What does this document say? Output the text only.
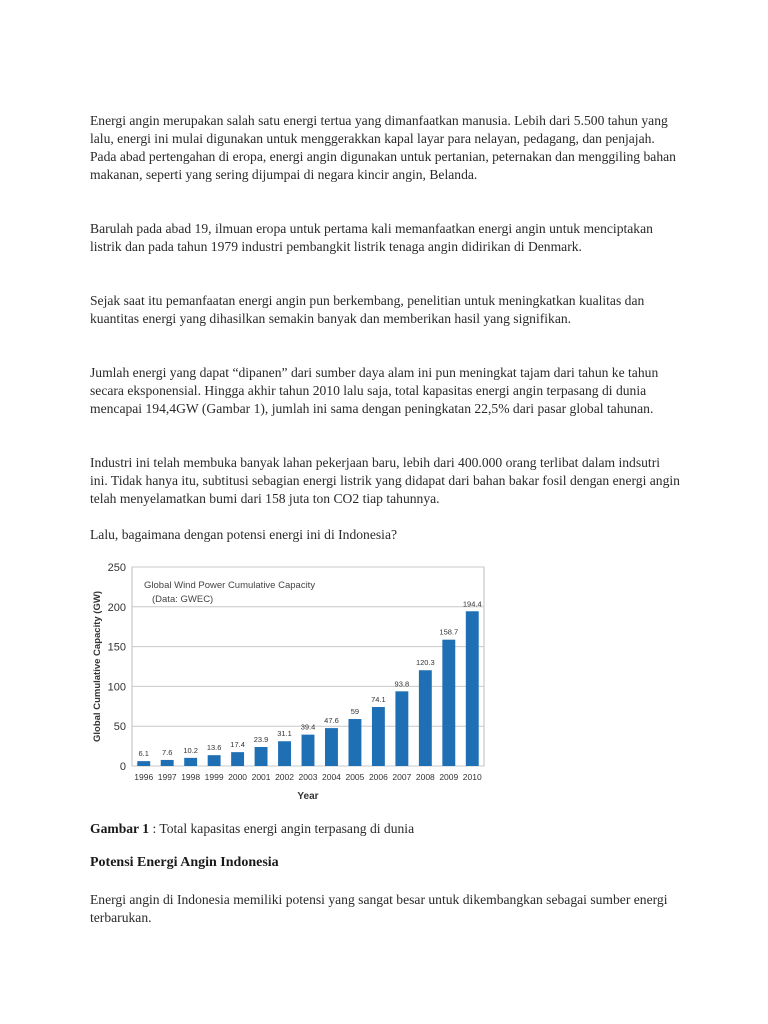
Energi angin merupakan salah satu energi tertua yang dimanfaatkan manusia. Lebih dari 5.500 tahun yang lalu, energi ini mulai digunakan untuk menggerakkan kapal layar para nelayan, pedagang, dan penjajah. Pada abad pertengahan di eropa, energi angin digunakan untuk pertanian, peternakan dan menggiling bahan makanan, seperti yang sering dijumpai di negara kincir angin, Belanda.

Barulah pada abad 19, ilmuan eropa untuk pertama kali memanfaatkan energi angin untuk menciptakan listrik dan pada tahun 1979 industri pembangkit listrik tenaga angin didirikan di Denmark.

Sejak saat itu pemanfaatan energi angin pun berkembang, penelitian untuk meningkatkan kualitas dan kuantitas energi yang dihasilkan semakin banyak dan memberikan hasil yang signifikan.

Jumlah energi yang dapat “dipanen” dari sumber daya alam ini pun meningkat tajam dari tahun ke tahun secara eksponensial. Hingga akhir tahun 2010 lalu saja, total kapasitas energi angin terpasang di dunia mencapai 194,4GW (Gambar 1), jumlah ini sama dengan peningkatan 22,5% dari pasar global tahunan.

Industri ini telah membuka banyak lahan pekerjaan baru, lebih dari 400.000 orang terlibat dalam indsutri ini. Tidak hanya itu, subtitusi sebagian energi listrik yang didapat dari bahan bakar fosil dengan energi angin telah menyelamatkan bumi dari 158 juta ton CO2 tiap tahunnya.

Lalu, bagaimana dengan potensi energi ini di Indonesia?

0
50
100
150
200
250
6.1
1996
7.6
1997
10.2
1998
13.6
1999
17.4
2000
23.9
2001
31.1
2002
39.4
2003
47.6
2004
59
2005
74.1
2006
93.8
2007
120.3
2008
158.7
2009
194.4
2010
Year
Global Cumulative Capacity (GW)
Global Wind Power Cumulative Capacity
(Data: GWEC)

Gambar 1 : Total kapasitas energi angin terpasang di dunia

Potensi Energi Angin Indonesia

Energi angin di Indonesia memiliki potensi yang sangat besar untuk dikembangkan sebagai sumber energi terbarukan.
